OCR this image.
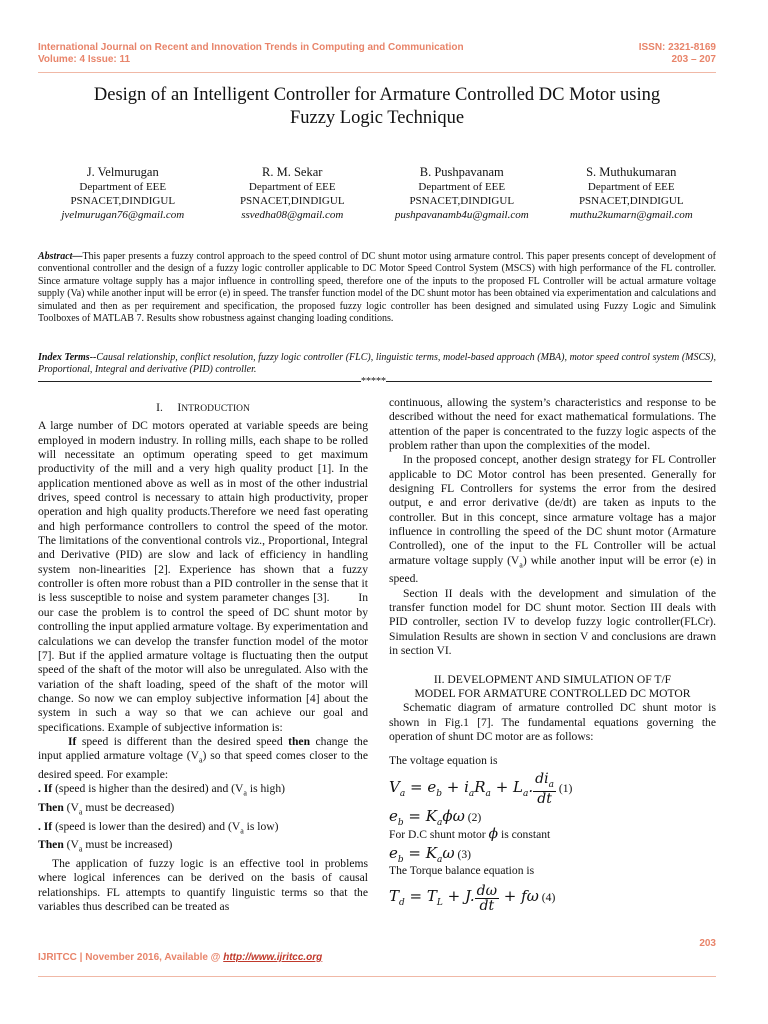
International Journal on Recent and Innovation Trends in Computing and Communication
Volume: 4 Issue: 11
ISSN: 2321-8169
203 – 207
Design of an Intelligent Controller for Armature Controlled DC Motor using
Fuzzy Logic Technique
J. Velmurugan
Department of EEE
PSNACET,DINDIGUL
jvelmurugan76@gmail.com
R. M. Sekar
Department of EEE
PSNACET,DINDIGUL
ssvedha08@gmail.com
B. Pushpavanam
Department of EEE
PSNACET,DINDIGUL
pushpavanamb4u@gmail.com
S. Muthukumaran
Department of EEE
PSNACET,DINDIGUL
muthu2kumarn@gmail.com
Abstract—This paper presents a fuzzy control approach to the speed control of DC shunt motor using armature control. This paper presents concept of development of conventional controller and the design of a fuzzy logic controller applicable to DC Motor Speed Control System (MSCS) with high performance of the FL controller. Since armature voltage supply has a major influence in controlling speed, therefore one of the inputs to the proposed FL Controller will be actual armature voltage supply (Va) while another input will be error (e) in speed. The transfer function model of the DC shunt motor has been obtained via experimentation and calculations and simulated and then as per requirement and specification, the proposed fuzzy logic controller has been designed and simulated using Fuzzy Logic and Simulink Toolboxes of MATLAB 7. Results show robustness against changing loading conditions.
Index Terms--Causal relationship, conflict resolution, fuzzy logic controller (FLC), linguistic terms, model-based approach (MBA), motor speed control system (MSCS), Proportional, Integral and derivative (PID) controller.
*****
I. INTRODUCTION

A large number of DC motors operated at variable speeds are being employed in modern industry. In rolling mills, each shape to be rolled will necessitate an optimum operating speed to get maximum productivity of the mill and a very high quality product [1]. In the application mentioned above as well as in most of the other industrial drives, speed control is necessary to attain high productivity, proper operation and high quality products.Therefore we need fast operating and high performance controllers to control the speed of the motor. The limitations of the conventional controls viz., Proportional, Integral and Derivative (PID) are slow and lack of efficiency in handling system non-linearities [2]. Experience has shown that a fuzzy controller is often more robust than a PID controller in the sense that it is less susceptible to noise and system parameter changes [3].        In our case the problem is to control the speed of DC shunt motor by controlling the input applied armature voltage. By experimentation and calculations we can develop the transfer function model of the motor [7]. But if the applied armature voltage is fluctuating then the output speed of the shaft of the motor will also be unregulated. Also with the variation of the shaft loading, speed of the shaft of the motor will change. So now we can employ subjective information [4] about the system in such a way so that we can achieve our goal and specifications. Example of subjective information is:

If speed is different than the desired speed then change the input applied armature voltage $(V_a)$ so that speed comes closer to the desired speed. For example:

. If (speed is higher than the desired) and ($V_a$ is high)

Then ($V_a$ must be decreased)

. If (speed is lower than the desired) and ($V_a$ is low)

Then ($V_a$ must be increased)

The application of fuzzy logic is an effective tool in problems where logical inferences can be derived on the basis of causal relationships. FL attempts to quantify linguistic terms so that the variables thus described can be treated as

continuous, allowing the system’s characteristics and response to be described without the need for exact mathematical formulations. The attention of the paper is concentrated to the fuzzy logic aspects of the problem rather than upon the complexities of the model.

In the proposed concept, another design strategy for FL Controller applicable to DC Motor control has been presented. Generally for designing FL Controllers for systems the error from the desired output, e and error derivative (de/dt) are taken as inputs to the controller. But in this concept, since armature voltage has a major influence in controlling the speed of the DC shunt motor (Armature Controlled), one of the input to the FL Controller will be actual armature voltage supply $(V_a)$ while another input will be error (e) in speed.

Section II deals with the development and simulation of the transfer function model for DC shunt motor. Section III deals with PID controller, section IV to develop fuzzy logic controller(FLCr). Simulation Results are shown in section V and conclusions are drawn in section VI.

II. DEVELOPMENT AND SIMULATION OF T/F
MODEL FOR ARMATURE CONTROLLED DC MOTOR

Schematic diagram of armature controlled DC shunt motor is shown in Fig.1 [7]. The fundamental equations governing the operation of shunt DC motor are as follows:

The voltage equation is

$V_a = e_b + i_aR_a + L_a$. $\frac{di_a}{dt} (1)$
$e_b = K_a\phi\omega$ (2)

For D.C shunt motor ϕ is constant

$e_b = K_a\omega$ (3)

The Torque balance equation is

$T_d = T_L + J$. $\frac{d\omega}{dt} + f\omega$ (4)
203
IJRITCC | November 2016, Available @ http://www.ijritcc.org
